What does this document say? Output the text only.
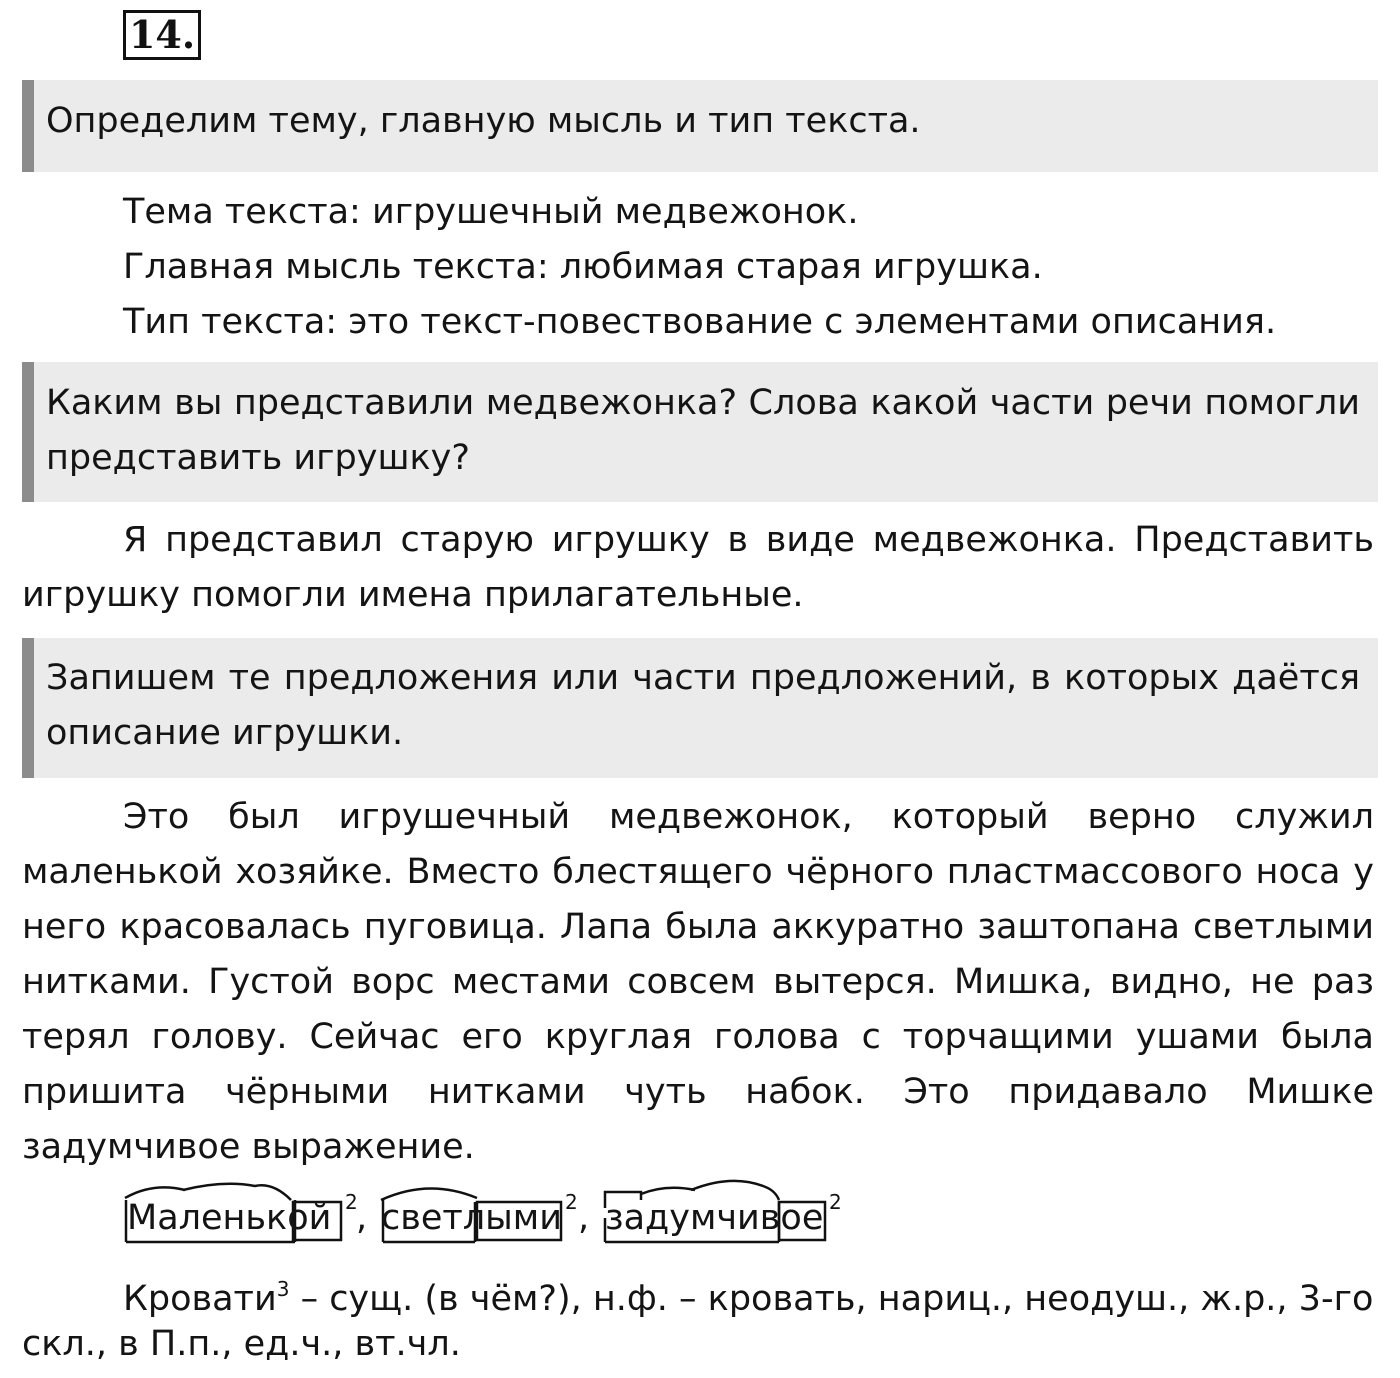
14.

Определим тему, главную мысль и тип текста.

Тема текста: игрушечный медвежонок.
Главная мысль текста: любимая старая игрушка.
Тип текста: это текст-повествование с элементами описания.

Каким вы представили медвежонка? Слова какой части речи помогли представить игрушку?

Я представил старую игрушку в виде медвежонка. Представить игрушку помогли имена прилагательные.

Запишем те предложения или части предложений, в которых даётся описание игрушки.

Это был игрушечный медвежонок, который верно служил маленькой хозяйке. Вместо блестящего чёрного пластмассового носа у него красовалась пуговица. Лапа была аккуратно заштопана светлыми нитками. Густой ворс местами совсем вытерся. Мишка, видно, не раз терял голову. Сейчас его круглая голова с торчащими ушами была пришита чёрными нитками чуть набок. Это придавало Мишке задумчивое выражение.

Маленькой 2
, светлыми 2 , задумчивое 2
Кровати$^3$ – сущ. (в чём?), н.ф. – кровать, нариц., неодуш., ж.р., 3-го
скл., в П.п., ед.ч., вт.чл.
